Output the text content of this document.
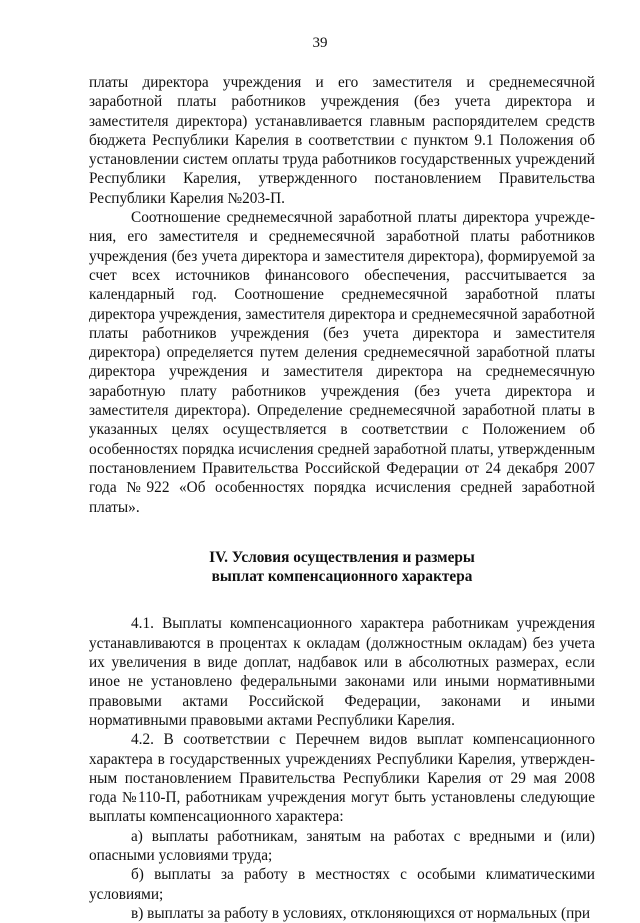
39

платы директора учреждения и его заместителя и среднемесячной заработной платы работников учреждения (без учета директора и заместителя директора) устанавливается главным распорядителем средств бюджета Республики Карелия в соответствии с пунктом 9.1 Положения об установлении систем оплаты труда работников государственных учреждений Республики Карелия, утвержденного постановлением Правительства Республики Карелия №203-П.

Соотношение среднемесячной заработной платы директора учреждения, его заместителя и среднемесячной заработной платы работников учреждения (без учета директора и заместителя директора), формируемой за счет всех источников финансового обеспечения, рассчитывается за календарный год. Соотношение среднемесячной заработной платы директора учреждения, заместителя директора и среднемесячной заработной платы работников учреждения (без учета директора и заместителя директора) определяется путем деления среднемесячной заработной платы директора учреждения и заместителя директора на среднемесячную заработную плату работников учреждения (без учета директора и заместителя директора). Определение среднемесячной заработной платы в указанных целях осуществляется в соответствии с Положением об особенностях порядка исчисления средней заработной платы, утвержденным постановлением Правительства Российской Федерации от 24 декабря 2007 года №922 «Об особенностях порядка исчисления средней заработной платы».

IV. Условия осуществления и размеры
выплат компенсационного характера

4.1. Выплаты компенсационного характера работникам учреждения устанавливаются в процентах к окладам (должностным окладам) без учета их увеличения в виде доплат, надбавок или в абсолютных размерах, если иное не установлено федеральными законами или иными нормативными правовыми актами Российской Федерации, законами и иными нормативными правовыми актами Республики Карелия.

4.2. В соответствии с Перечнем видов выплат компенсационного характера в государственных учреждениях Республики Карелия, утвержденным постановлением Правительства Республики Карелия от 29 мая 2008 года №110-П, работникам учреждения могут быть установлены следующие выплаты компенсационного характера:

а) выплаты работникам, занятым на работах с вредными и (или) опасными условиями труда;

б) выплаты за работу в местностях с особыми климатическими условиями;

в) выплаты за работу в условиях, отклоняющихся от нормальных (при
